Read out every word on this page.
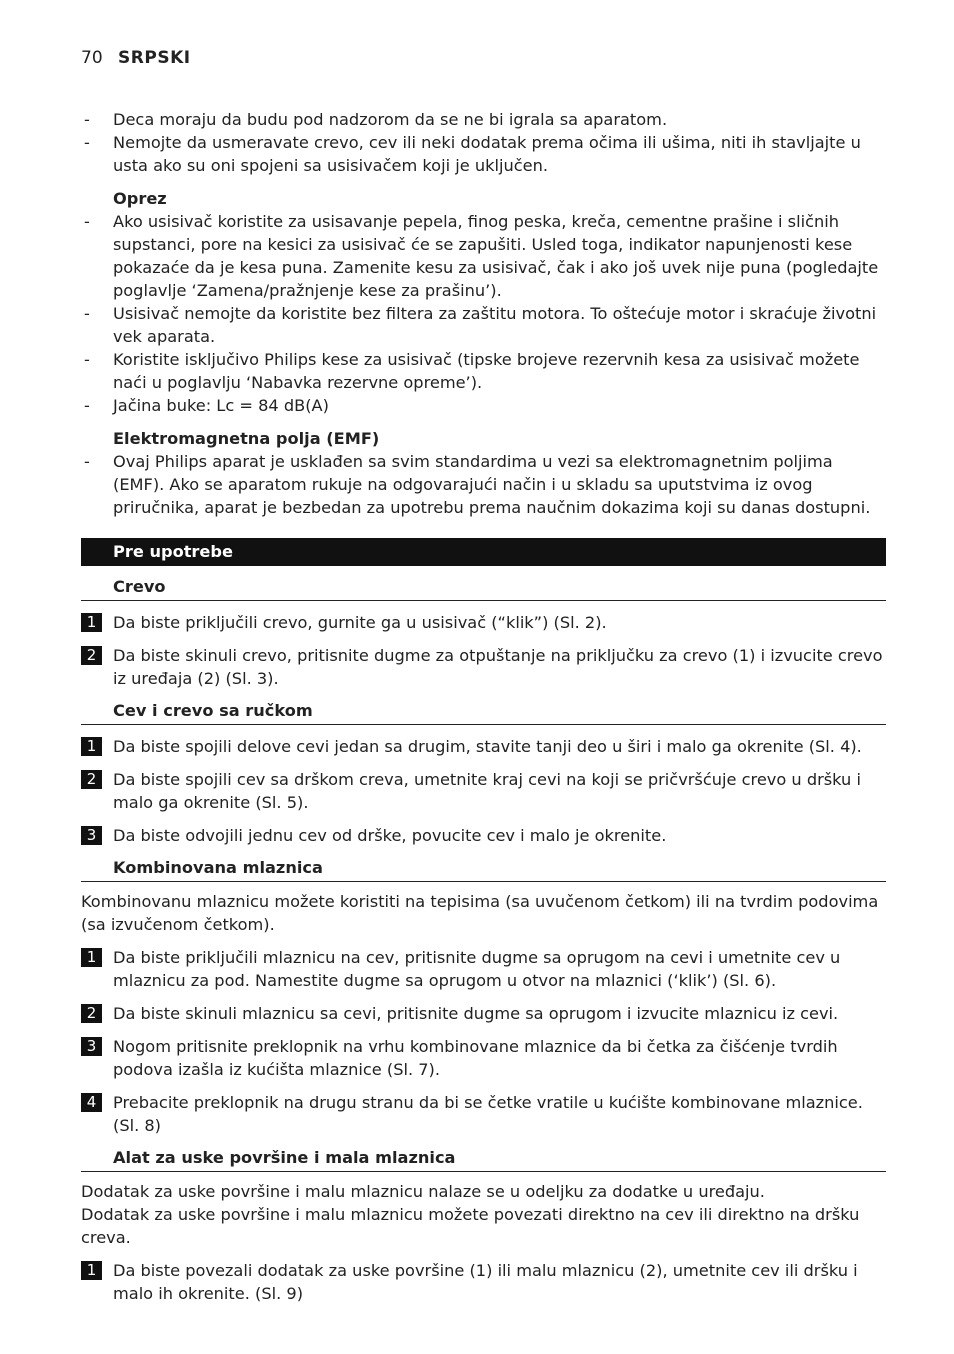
70 SRPSKI
- Deca moraju da budu pod nadzorom da se ne bi igrala sa aparatom.
- Nemojte da usmeravate crevo, cev ili neki dodatak prema očima ili ušima, niti ih stavljajte u usta ako su oni spojeni sa usisivačem koji je uključen.
Oprez
- Ako usisivač koristite za usisavanje pepela, finog peska, kreča, cementne prašine i sličnih supstanci, pore na kesici za usisivač će se zapušiti. Usled toga, indikator napunjenosti kese pokazaće da je kesa puna. Zamenite kesu za usisivač, čak i ako još uvek nije puna (pogledajte poglavlje ‘Zamena/pražnjenje kese za prašinu’).
- Usisivač nemojte da koristite bez filtera za zaštitu motora. To oštećuje motor i skraćuje životni vek aparata.
- Koristite isključivo Philips kese za usisivač (tipske brojeve rezervnih kesa za usisivač možete naći u poglavlju ‘Nabavka rezervne opreme’).
- Jačina buke: Lc = 84 dB(A)
Elektromagnetna polja (EMF)
- Ovaj Philips aparat je usklađen sa svim standardima u vezi sa elektromagnetnim poljima (EMF). Ako se aparatom rukuje na odgovarajući način i u skladu sa uputstvima iz ovog priručnika, aparat je bezbedan za upotrebu prema naučnim dokazima koji su danas dostupni.
Pre upotrebe
Crevo
1	Da biste priključili crevo, gurnite ga u usisivač (“klik”) (Sl. 2).
2	Da biste skinuli crevo, pritisnite dugme za otpuštanje na priključku za crevo (1) i izvucite crevo iz uređaja (2) (Sl. 3).
Cev i crevo sa ručkom
1	Da biste spojili delove cevi jedan sa drugim, stavite tanji deo u širi i malo ga okrenite (Sl. 4).
2	Da biste spojili cev sa drškom creva, umetnite kraj cevi na koji se pričvršćuje crevo u dršku i malo ga okrenite (Sl. 5).
3	Da biste odvojili jednu cev od drške, povucite cev i malo je okrenite.
Kombinovana mlaznica
Kombinovanu mlaznicu možete koristiti na tepisima (sa uvučenom četkom) ili na tvrdim podovima (sa izvučenom četkom).
1	Da biste priključili mlaznicu na cev, pritisnite dugme sa oprugom na cevi i umetnite cev u mlaznicu za pod. Namestite dugme sa oprugom u otvor na mlaznici (‘klik’) (Sl. 6).
2	Da biste skinuli mlaznicu sa cevi, pritisnite dugme sa oprugom i izvucite mlaznicu iz cevi.
3	Nogom pritisnite preklopnik na vrhu kombinovane mlaznice da bi četka za čišćenje tvrdih podova izašla iz kućišta mlaznice (Sl. 7).
4	Prebacite preklopnik na drugu stranu da bi se četke vratile u kućište kombinovane mlaznice. (Sl. 8)
Alat za uske površine i mala mlaznica
Dodatak za uske površine i malu mlaznicu nalaze se u odeljku za dodatke u uređaju.
Dodatak za uske površine i malu mlaznicu možete povezati direktno na cev ili direktno na dršku creva.
1	Da biste povezali dodatak za uske površine (1) ili malu mlaznicu (2), umetnite cev ili dršku i malo ih okrenite. (Sl. 9)
